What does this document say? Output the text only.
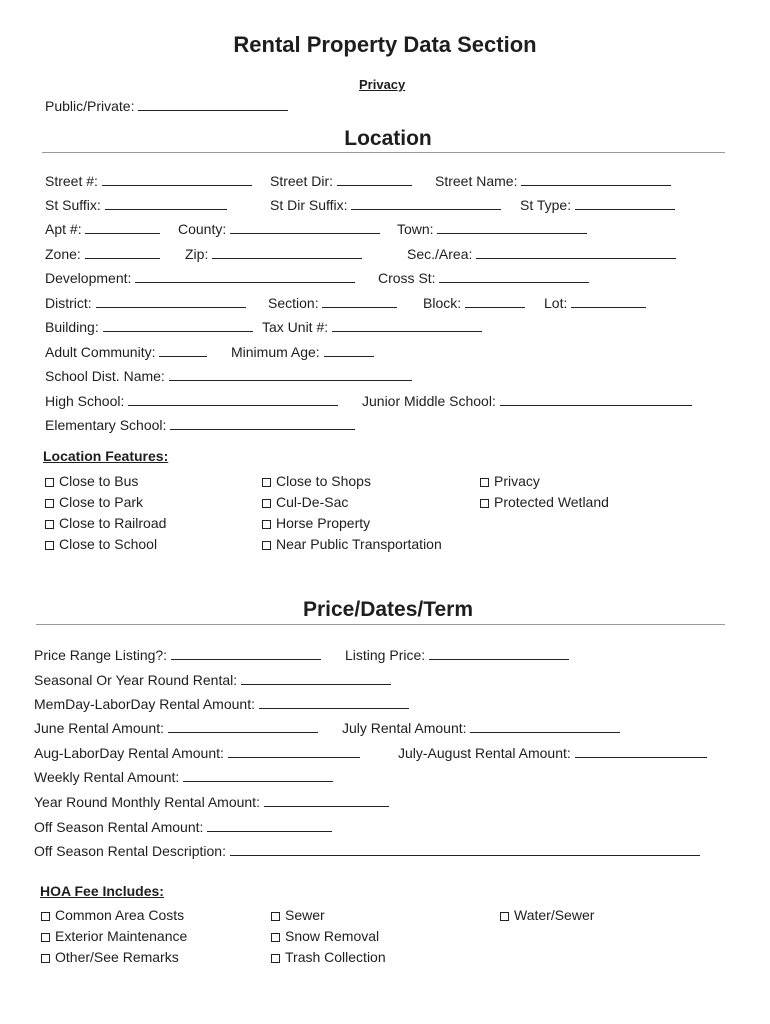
Rental Property Data Section
Privacy
Public/Private:
Location
Street #:	Street Dir:	Street Name:
St Suffix:	St Dir Suffix:	St Type:
Apt #:	County:	Town:
Zone:	Zip:	Sec./Area:
Development:	Cross St:
District:	Section:	Block:	Lot:
Building:	Tax Unit #:
Adult Community:	Minimum Age:
School Dist. Name:
High School:	Junior Middle School:
Elementary School:
Location Features:
Close to Bus
Close to Park
Close to Railroad
Close to School
Close to Shops
Cul-De-Sac
Horse Property
Near Public Transportation
Privacy
Protected Wetland
Price/Dates/Term
Price Range Listing?:	Listing Price:
Seasonal Or Year Round Rental:
MemDay-LaborDay Rental Amount:
June Rental Amount:	July Rental Amount:
Aug-LaborDay Rental Amount:	July-August Rental Amount:
Weekly Rental Amount:
Year Round Monthly Rental Amount:
Off Season Rental Amount:
Off Season Rental Description:
HOA Fee Includes:
Common Area Costs
Exterior Maintenance
Other/See Remarks
Sewer
Snow Removal
Trash Collection
Water/Sewer
